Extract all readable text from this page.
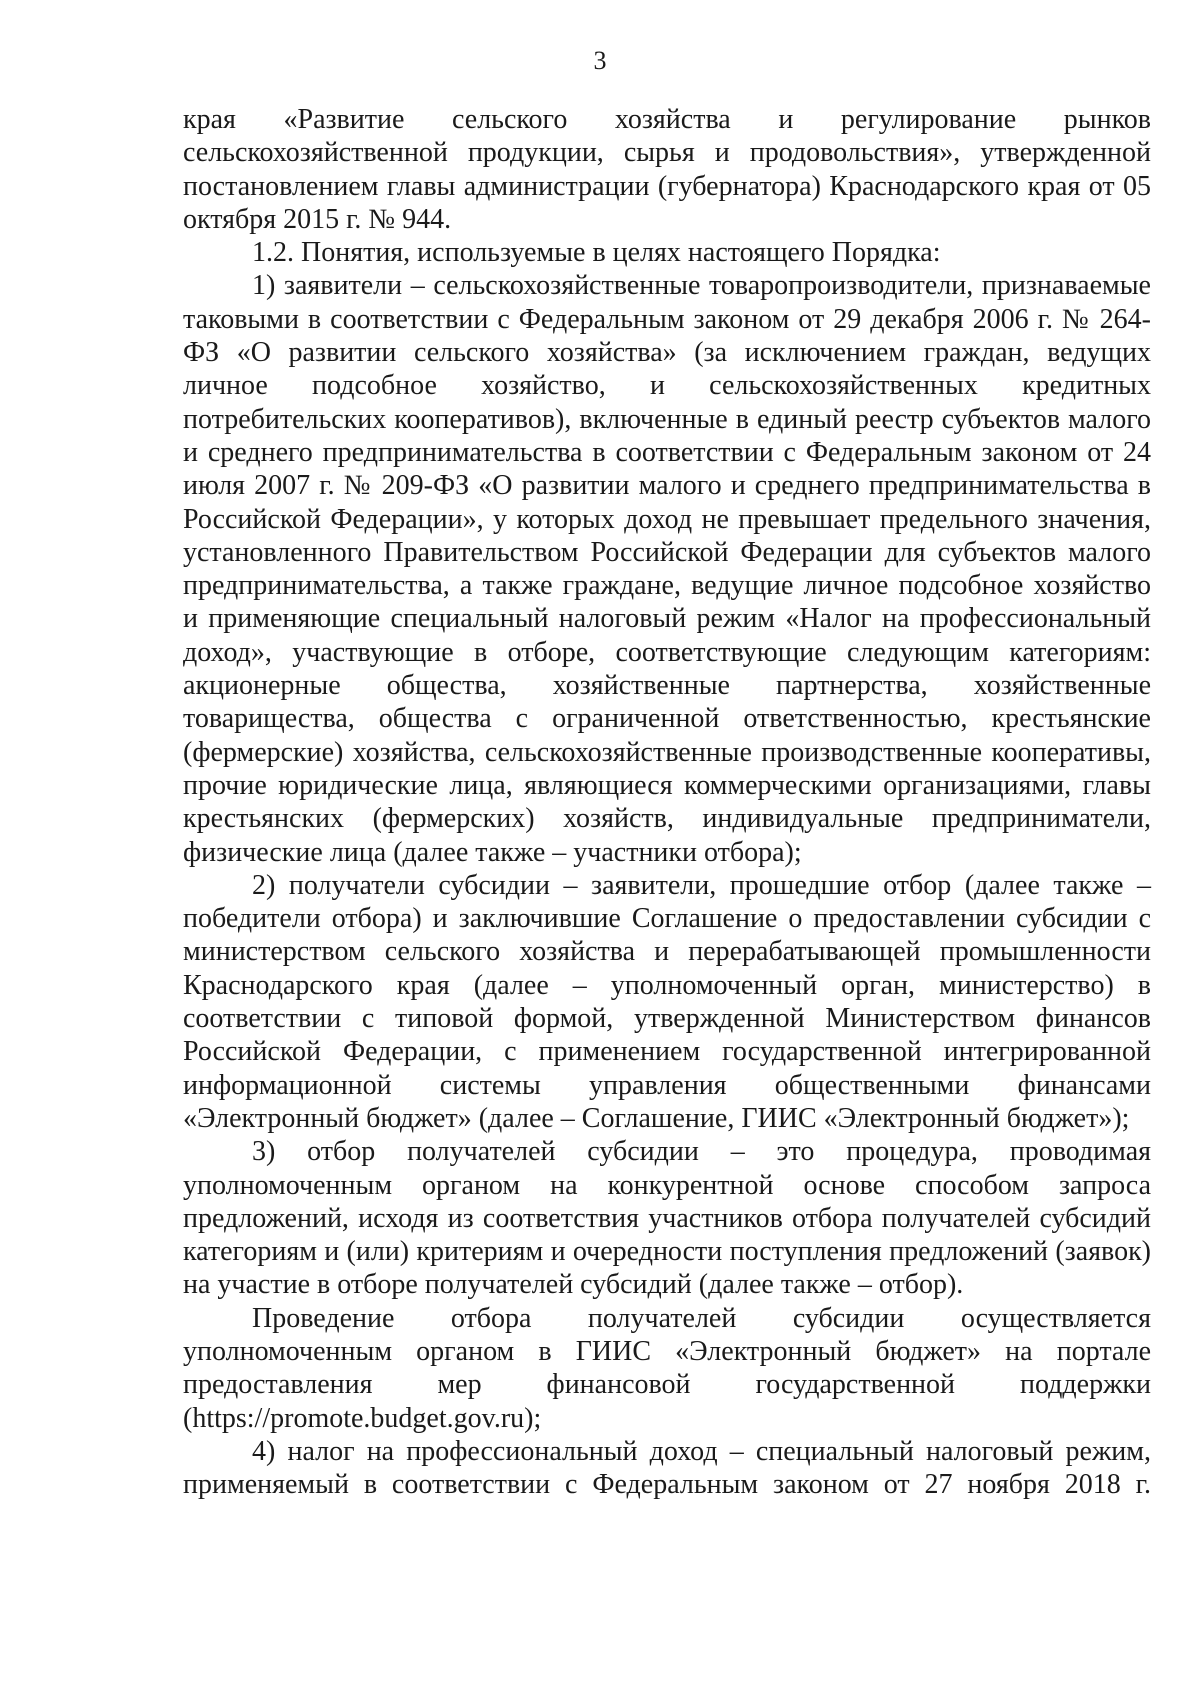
3

края «Развитие сельского хозяйства и регулирование рынков сельскохозяйственной продукции, сырья и продовольствия», утвержденной постановлением главы администрации (губернатора) Краснодарского края от 05 октября 2015 г. № 944.

1.2. Понятия, используемые в целях настоящего Порядка:

1) заявители – сельскохозяйственные товаропроизводители, признаваемые таковыми в соответствии с Федеральным законом от 29 декабря 2006 г. № 264-ФЗ «О развитии сельского хозяйства» (за исключением граждан, ведущих личное подсобное хозяйство, и сельскохозяйственных кредитных потребительских кооперативов), включенные в единый реестр субъектов малого и среднего предпринимательства в соответствии с Федеральным законом от 24 июля 2007 г. № 209-ФЗ «О развитии малого и среднего предпринимательства в Российской Федерации», у которых доход не превышает предельного значения, установленного Правительством Российской Федерации для субъектов малого предпринимательства, а также граждане, ведущие личное подсобное хозяйство и применяющие специальный налоговый режим «Налог на профессиональный доход», участвующие в отборе, соответствующие следующим категориям: акционерные общества, хозяйственные партнерства, хозяйственные товарищества, общества с ограниченной ответственностью, крестьянские (фермерские) хозяйства, сельскохозяйственные производственные кооперативы, прочие юридические лица, являющиеся коммерческими организациями, главы крестьянских (фермерских) хозяйств, индивидуальные предприниматели, физические лица (далее также – участники отбора);

2) получатели субсидии – заявители, прошедшие отбор (далее также – победители отбора) и заключившие Соглашение о предоставлении субсидии с министерством сельского хозяйства и перерабатывающей промышленности Краснодарского края (далее – уполномоченный орган, министерство) в соответствии с типовой формой, утвержденной Министерством финансов Российской Федерации, с применением государственной интегрированной информационной системы управления общественными финансами «Электронный бюджет» (далее – Соглашение, ГИИС «Электронный бюджет»);

3) отбор получателей субсидии – это процедура, проводимая уполномоченным органом на конкурентной основе способом запроса предложений, исходя из соответствия участников отбора получателей субсидий категориям и (или) критериям и очередности поступления предложений (заявок) на участие в отборе получателей субсидий (далее также – отбор).

Проведение отбора получателей субсидии осуществляется уполномоченным органом в ГИИС «Электронный бюджет» на портале предоставления мер финансовой государственной поддержки (https://promote.budget.gov.ru);

4) налог на профессиональный доход – специальный налоговый режим, применяемый в соответствии с Федеральным законом от 27 ноября 2018 г.
